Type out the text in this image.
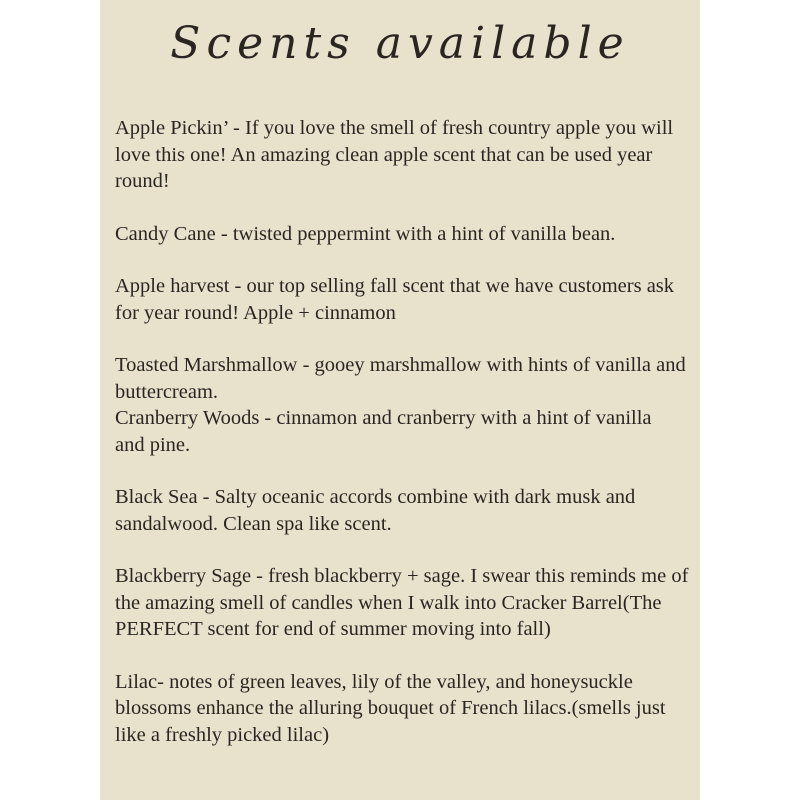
Scents available

Apple Pickin’ - If you love the smell of fresh country apple you will
love this one! An amazing clean apple scent that can be used year
round!

Candy Cane - twisted peppermint with a hint of vanilla bean.

Apple harvest - our top selling fall scent that we have customers ask
for year round! Apple + cinnamon

Toasted Marshmallow - gooey marshmallow with hints of vanilla and
buttercream.

Cranberry Woods - cinnamon and cranberry with a hint of vanilla
and pine.

Black Sea - Salty oceanic accords combine with dark musk and
sandalwood. Clean spa like scent.

Blackberry Sage - fresh blackberry + sage. I swear this reminds me of
the amazing smell of candles when I walk into Cracker Barrel(The
PERFECT scent for end of summer moving into fall)

Lilac- notes of green leaves, lily of the valley, and honeysuckle
blossoms enhance the alluring bouquet of French lilacs.(smells just
like a freshly picked lilac)
